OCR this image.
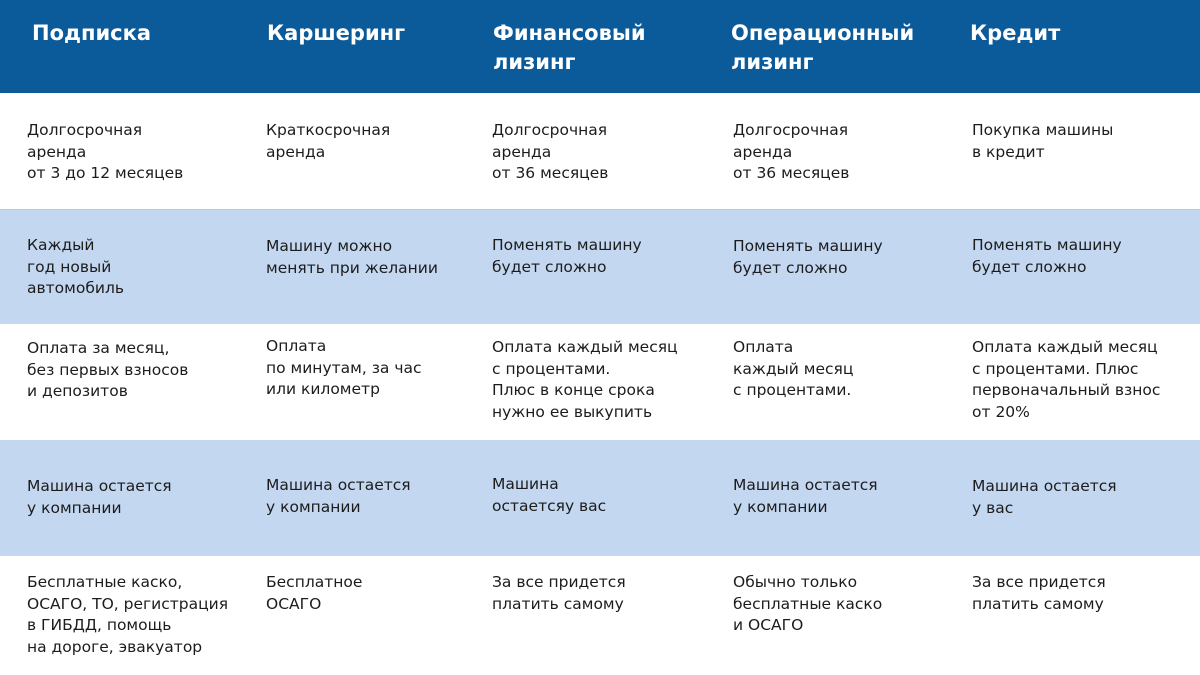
Подписка	Каршеринг	Финансовый
лизинг
Операционный
лизинг
Кредит
Долгосрочная
аренда
от 3 до 12 месяцев
Краткосрочная
аренда
Долгосрочная
аренда
от 36 месяцев
Долгосрочная
аренда
от 36 месяцев
Покупка машины
в кредит
Каждый
год новый
автомобиль
Машину можно
менять при желании
Поменять машину
будет сложно
Поменять машину
будет сложно
Поменять машину
будет сложно
Оплата за месяц,
без первых взносов
и депозитов
Оплата
по минутам, за час
или километр
Оплата каждый месяц
с процентами.
Плюс в конце срока
нужно ее выкупить
Оплата
каждый месяц
с процентами.
Оплата каждый месяц
с процентами. Плюс
первоначальный взнос
от 20%
Машина остается
у компании
Машина остается
у компании
Машина
остаетсяу вас
Машина остается
у компании
Машина остается
у вас
Бесплатные каско,
ОСАГО, ТО, регистрация
в ГИБДД, помощь
на дороге, эвакуатор
Бесплатное
ОСАГО
За все придется
платить самому
Обычно только
бесплатные каско
и ОСАГО
За все придется
платить самому
